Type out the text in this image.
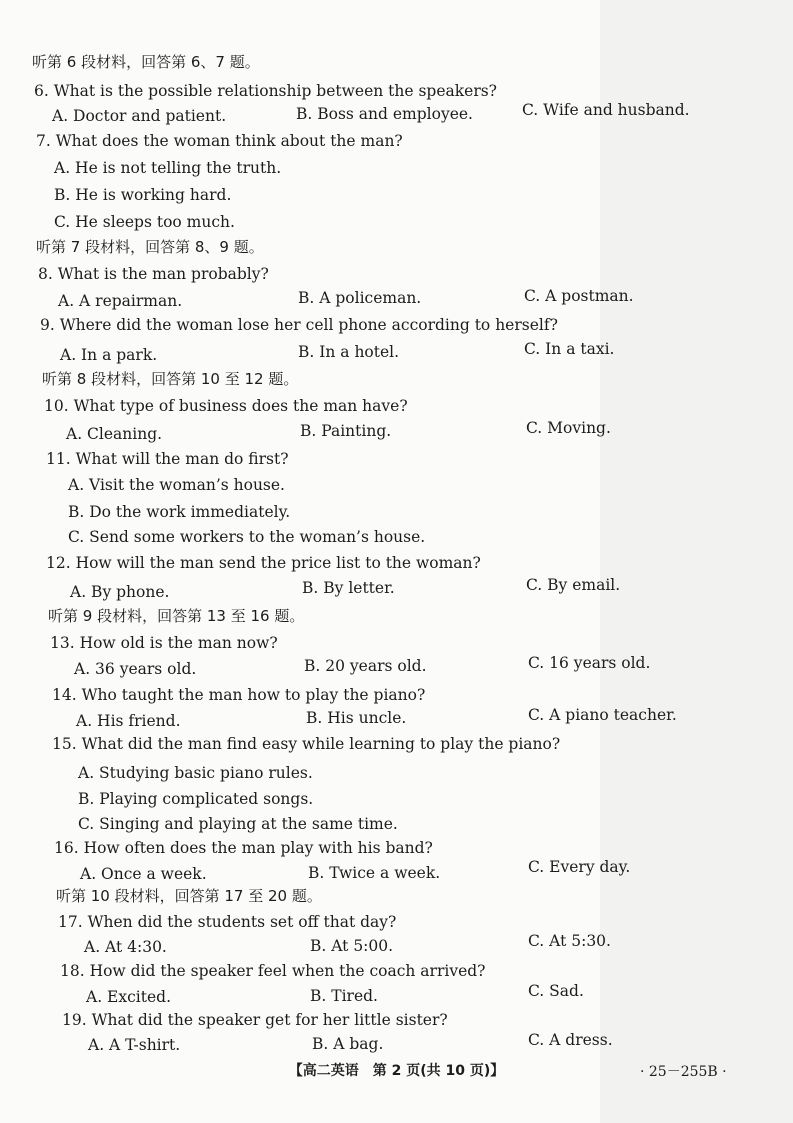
听第 6 段材料，回答第 6、7 题。
6. What is the possible relationship between the speakers?
A. Doctor and patient.	B. Boss and employee.	C. Wife and husband.
7. What does the woman think about the man?
A. He is not telling the truth.
B. He is working hard.
C. He sleeps too much.
听第 7 段材料，回答第 8、9 题。
8. What is the man probably?
A. A repairman.	B. A policeman.	C. A postman.
9. Where did the woman lose her cell phone according to herself?
A. In a park.	B. In a hotel.	C. In a taxi.
听第 8 段材料，回答第 10 至 12 题。
10. What type of business does the man have?
A. Cleaning.	B. Painting.	C. Moving.
11. What will the man do first?
A. Visit the woman’s house.
B. Do the work immediately.
C. Send some workers to the woman’s house.
12. How will the man send the price list to the woman?
A. By phone.	B. By letter.	C. By email.
听第 9 段材料，回答第 13 至 16 题。
13. How old is the man now?
A. 36 years old.	B. 20 years old.	C. 16 years old.
14. Who taught the man how to play the piano?
A. His friend.	B. His uncle.	C. A piano teacher.
15. What did the man find easy while learning to play the piano?
A. Studying basic piano rules.
B. Playing complicated songs.
C. Singing and playing at the same time.
16. How often does the man play with his band?
A. Once a week.	B. Twice a week.	C. Every day.
听第 10 段材料，回答第 17 至 20 题。
17. When did the students set off that day?
A. At 4:30.	B. At 5:00.	C. At 5:30.
18. How did the speaker feel when the coach arrived?
A. Excited.	B. Tired.	C. Sad.
19. What did the speaker get for her little sister?
A. A T-shirt.	B. A bag.	C. A dress.
【高二英语　第 2 页(共 10 页)】	· 25－255B ·
